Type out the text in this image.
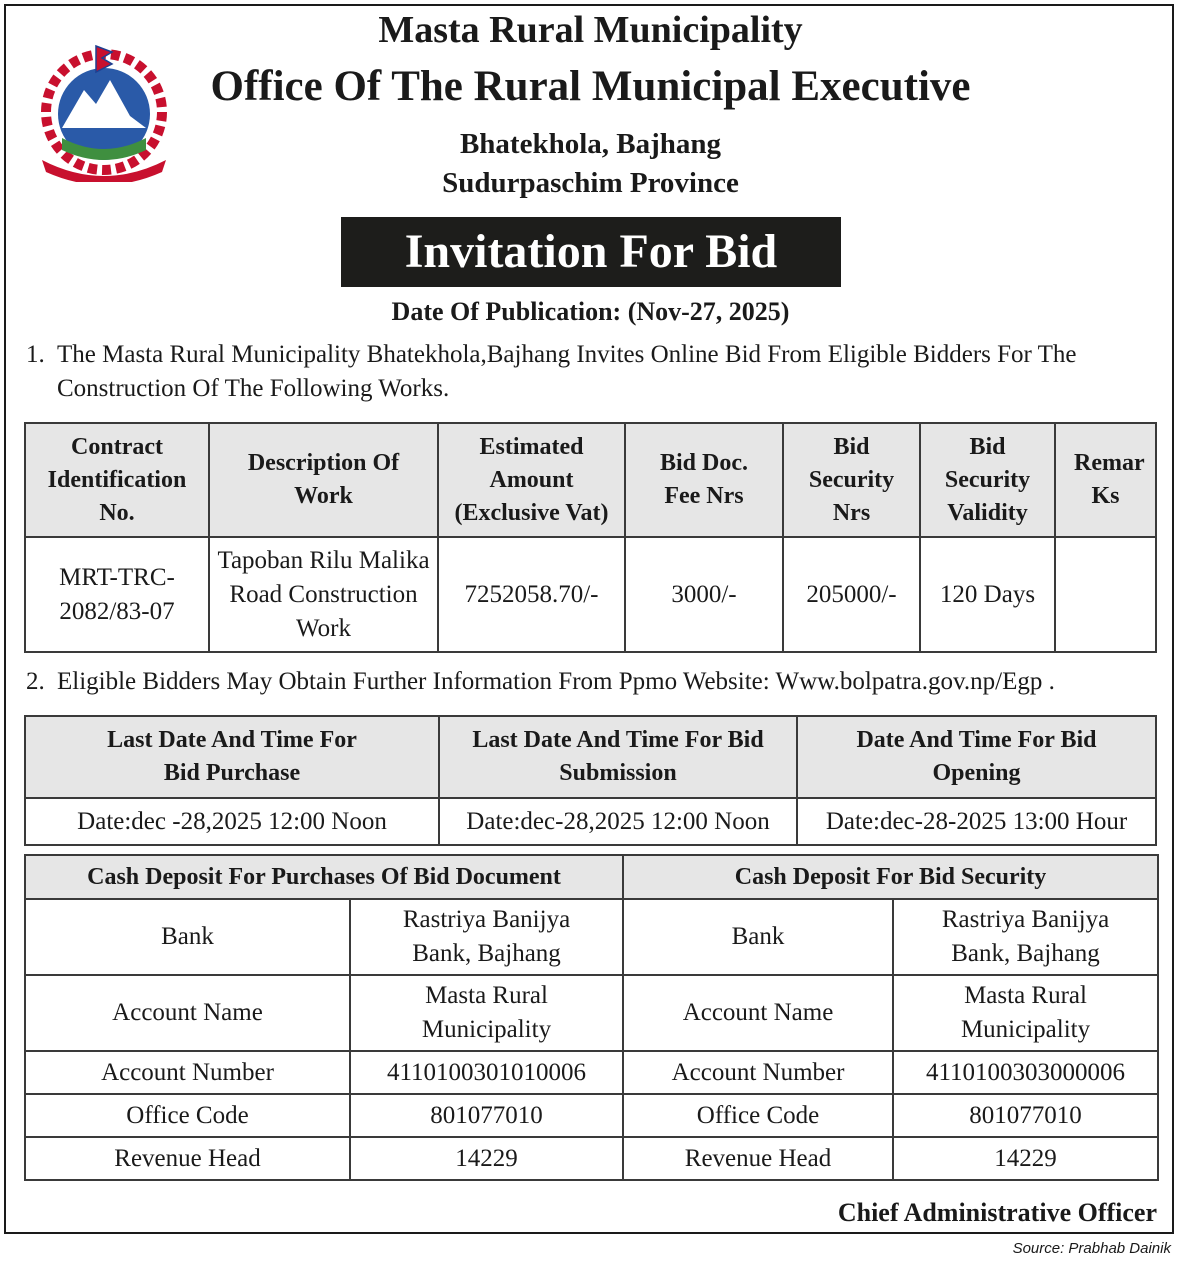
Masta Rural Municipality
Office Of The Rural Municipal Executive
Bhatekhola, Bajhang
Sudurpaschim Province
Invitation For Bid
Date Of Publication: (Nov-27, 2025)
1. The Masta Rural Municipality Bhatekhola,Bajhang Invites Online Bid From Eligible Bidders For The Construction Of The Following Works.
Contract Identification No.	Description Of Work	Estimated Amount (Exclusive Vat)	Bid Doc. Fee Nrs	Bid Security Nrs	Bid Security Validity	Remar Ks
MRT-TRC-2082/83-07	Tapoban Rilu Malika Road Construction Work	7252058.70/-	3000/-	205000/-	120 Days	
2. Eligible Bidders May Obtain Further Information From Ppmo Website: Www.bolpatra.gov.np/Egp .
Last Date And Time For Bid Purchase	Last Date And Time For Bid Submission	Date And Time For Bid Opening
Date:dec -28,2025 12:00 Noon	Date:dec-28,2025 12:00 Noon	Date:dec-28-2025 13:00 Hour
Cash Deposit For Purchases Of Bid Document		Cash Deposit For Bid Security	
Bank	Rastriya Banijya Bank, Bajhang	Bank	Rastriya Banijya Bank, Bajhang
Account Name	Masta Rural Municipality	Account Name	Masta Rural Municipality
Account Number	4110100301010006	Account Number	4110100303000006
Office Code	801077010	Office Code	801077010
Revenue Head	14229	Revenue Head	14229
Chief Administrative Officer
Source: Prabhab Dainik
